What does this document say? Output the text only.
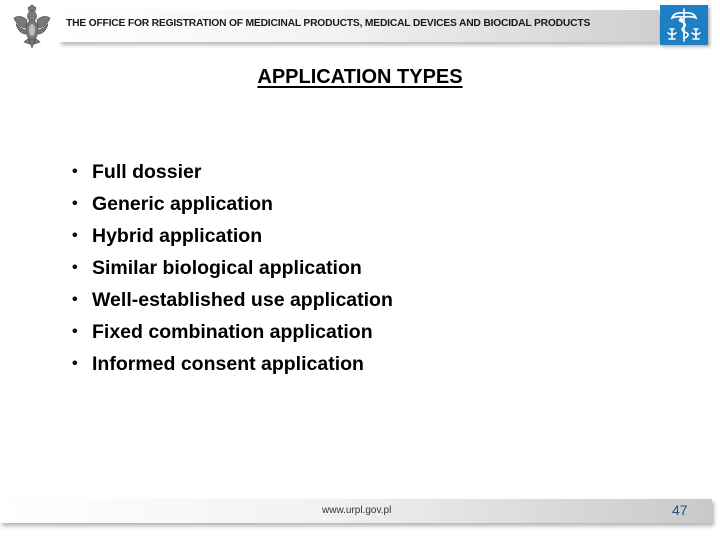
THE OFFICE FOR REGISTRATION OF MEDICINAL PRODUCTS, MEDICAL DEVICES AND BIOCIDAL PRODUCTS
APPLICATION TYPES
• Full dossier
• Generic application
• Hybrid application
• Similar biological application
• Well-established use application
• Fixed combination application
• Informed consent application
www.urpl.gov.pl	47
